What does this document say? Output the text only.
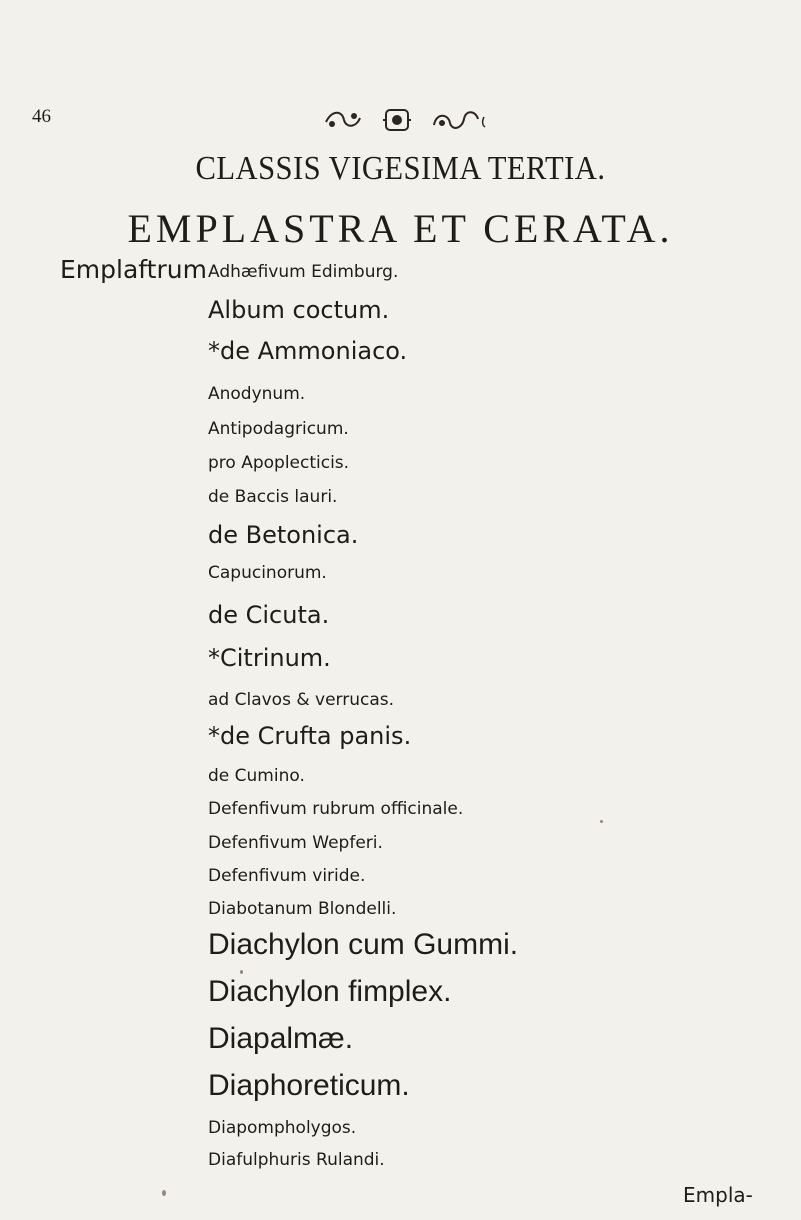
46
CLASSIS VIGESIMA TERTIA.
EMPLASTRA ET CERATA.
Emplaftrum Adhæfivum Edimburg.
Album coctum.
*de Ammoniaco.
Anodynum.
Antipodagricum.
pro Apoplecticis.
de Baccis lauri.
de Betonica.
Capucinorum.
de Cicuta.
*Citrinum.
ad Clavos & verrucas.
*de Crufta panis.
de Cumino.
Defenfivum rubrum officinale.
Defenfivum Wepferi.
Defenfivum viride.
Diabotanum Blondelli.
Diachylon cum Gummi.
Diachylon fimplex.
Diapalmæ.
Diaphoreticum.
Diapompholygos.
Empla-
Diafulphuris Rulandi.
